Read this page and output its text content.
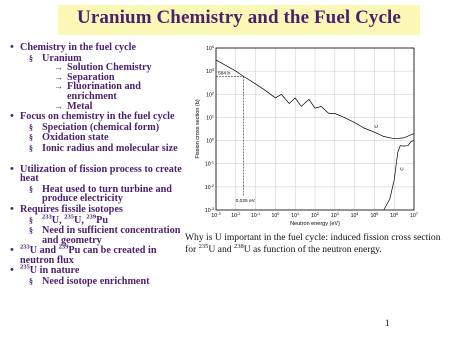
Uranium Chemistry and the Fuel Cycle
• Chemistry in the fuel cycle
§ Uranium
→ Solution Chemistry
→ Separation
→ Fluorination and enrichment
→ Metal
• Focus on chemistry in the fuel cycle
§ Speciation (chemical form)
§ Oxidation state
§ Ionic radius and molecular size
• Utilization of fission process to create heat
§ Heat used to turn turbine and produce electricity
• Requires fissile isotopes
§ $^{233}$U, $^{235}$U, $^{239}$Pu
§ Need in sufficient concentration and geometry
• $^{233}$U and $^{239}$Pu can be created in neutron flux
• $^{235}$U in nature
§ Need isotope enrichment
$10^{-3}$ $10^{-2}$ $10^{-1}$ $10^0$ $10^1$ $10^2$ $10^3$ $10^4$ $10^5$ $10^6$ $10^7$
$10^4$
$10^3$
$10^2$
$10^1$
$10^0$
$10^{-1}$
$10^{-2}$
$10^{-3}$
Neutron energy (eV)
Fission cross section (b)	U
U
584 b
0.025 eV
Why is U important in the fuel cycle: induced fission cross section for $^{235}$U and $^{238}$U as function of the neutron energy.
1
